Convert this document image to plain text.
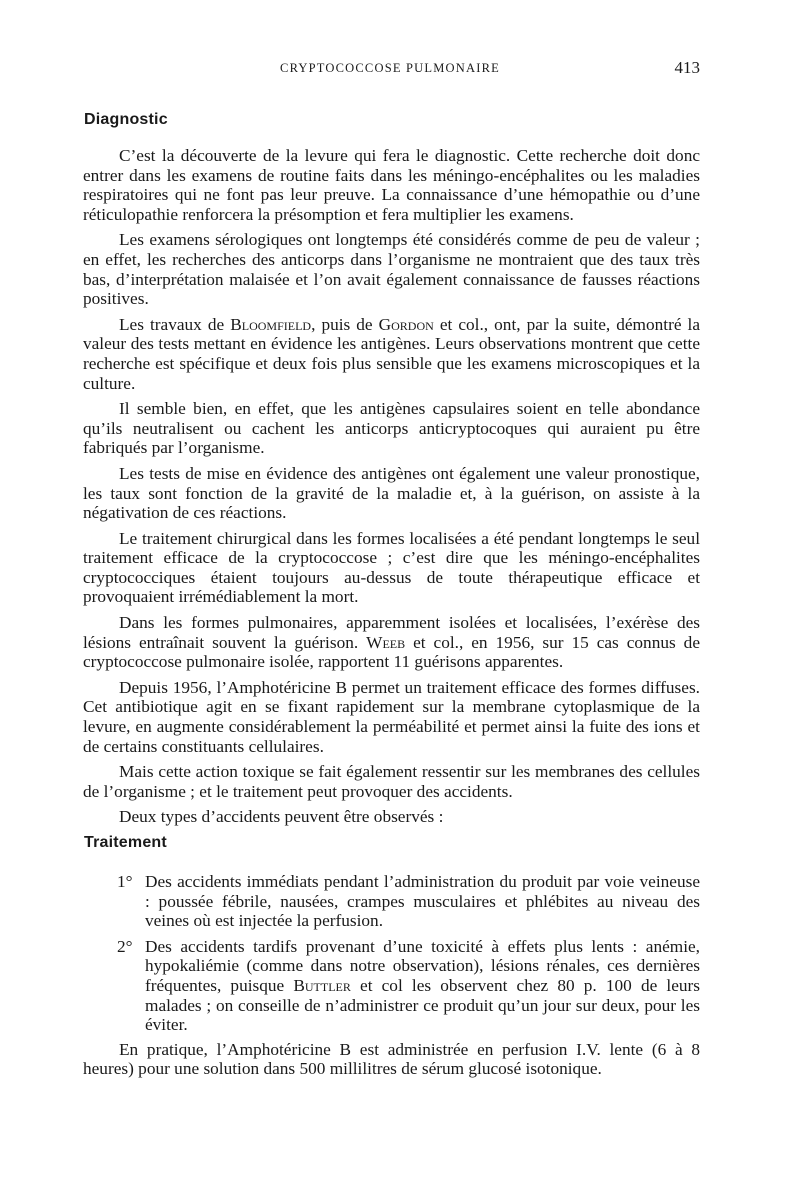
CRYPTOCOCCOSE PULMONAIRE	413
Diagnostic

C’est la découverte de la levure qui fera le diagnostic. Cette recherche doit donc entrer dans les examens de routine faits dans les méningo-encéphalites ou les maladies respiratoires qui ne font pas leur preuve. La connaissance d’une hémopathie ou d’une réticulopathie renforcera la présomption et fera multiplier les examens.

Les examens sérologiques ont longtemps été considérés comme de peu de valeur ; en effet, les recherches des anticorps dans l’organisme ne montraient que des taux très bas, d’interprétation malaisée et l’on avait également connaissance de fausses réactions positives.

Les travaux de Bloomfield, puis de Gordon et col., ont, par la suite, démontré la valeur des tests mettant en évidence les antigènes. Leurs observations montrent que cette recherche est spécifique et deux fois plus sensible que les examens microscopiques et la culture.

Il semble bien, en effet, que les antigènes capsulaires soient en telle abondance qu’ils neutralisent ou cachent les anticorps anticryptocoques qui auraient pu être fabriqués par l’organisme.

Les tests de mise en évidence des antigènes ont également une valeur pronostique, les taux sont fonction de la gravité de la maladie et, à la guérison, on assiste à la négativation de ces réactions.

Le traitement chirurgical dans les formes localisées a été pendant longtemps le seul traitement efficace de la cryptococcose ; c’est dire que les méningo-encéphalites cryptococciques étaient toujours au-dessus de toute thérapeutique efficace et provoquaient irrémédiablement la mort.

Dans les formes pulmonaires, apparemment isolées et localisées, l’exérèse des lésions entraînait souvent la guérison. Weeb et col., en 1956, sur 15 cas connus de cryptococcose pulmonaire isolée, rapportent 11 guérisons apparentes.

Depuis 1956, l’Amphotéricine B permet un traitement efficace des formes diffuses. Cet antibiotique agit en se fixant rapidement sur la membrane cytoplasmique de la levure, en augmente considérablement la perméabilité et permet ainsi la fuite des ions et de certains constituants cellulaires.

Mais cette action toxique se fait également ressentir sur les membranes des cellules de l’organisme ; et le traitement peut provoquer des accidents.

Deux types d’accidents peuvent être observés :

Traitement
1° Des accidents immédiats pendant l’administration du produit par voie veineuse : poussée fébrile, nausées, crampes musculaires et phlébites au niveau des veines où est injectée la perfusion.
2° Des accidents tardifs provenant d’une toxicité à effets plus lents : anémie, hypokaliémie (comme dans notre observation), lésions rénales, ces dernières fréquentes, puisque Buttler et col les observent chez 80 p. 100 de leurs malades ; on conseille de n’administrer ce produit qu’un jour sur deux, pour les éviter.

En pratique, l’Amphotéricine B est administrée en perfusion I.V. lente (6 à 8 heures) pour une solution dans 500 millilitres de sérum glucosé isotonique.
